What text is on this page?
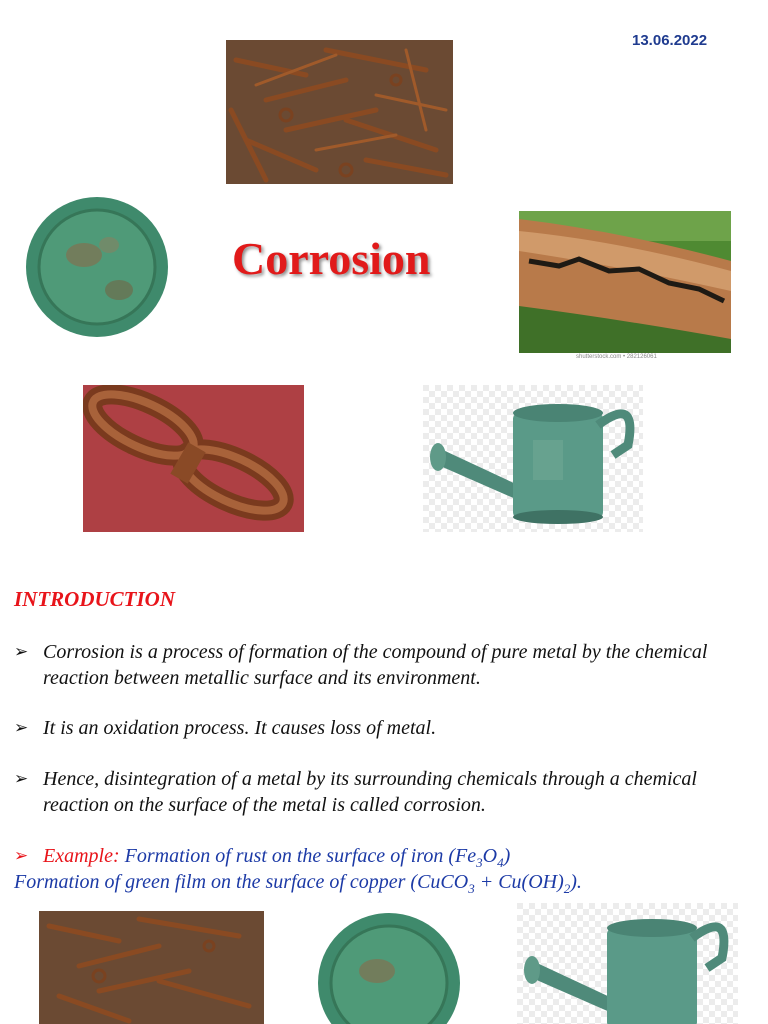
13.06.2022
Corrosion
shutterstock.com • 282126061
INTRODUCTION
➢ Corrosion is a process of formation of the compound of pure metal by the chemical reaction between metallic surface and its environment.
➢ It is an oxidation process. It causes loss of metal.
➢ Hence, disintegration of a metal by its surrounding chemicals through a chemical reaction on the surface of the metal is called corrosion.
➢ Example: Formation of rust on the surface of iron $(Fe_3O_4)$
Formation of green film on the surface of copper (CuCO$_3$ + $Cu(OH)_2$).
